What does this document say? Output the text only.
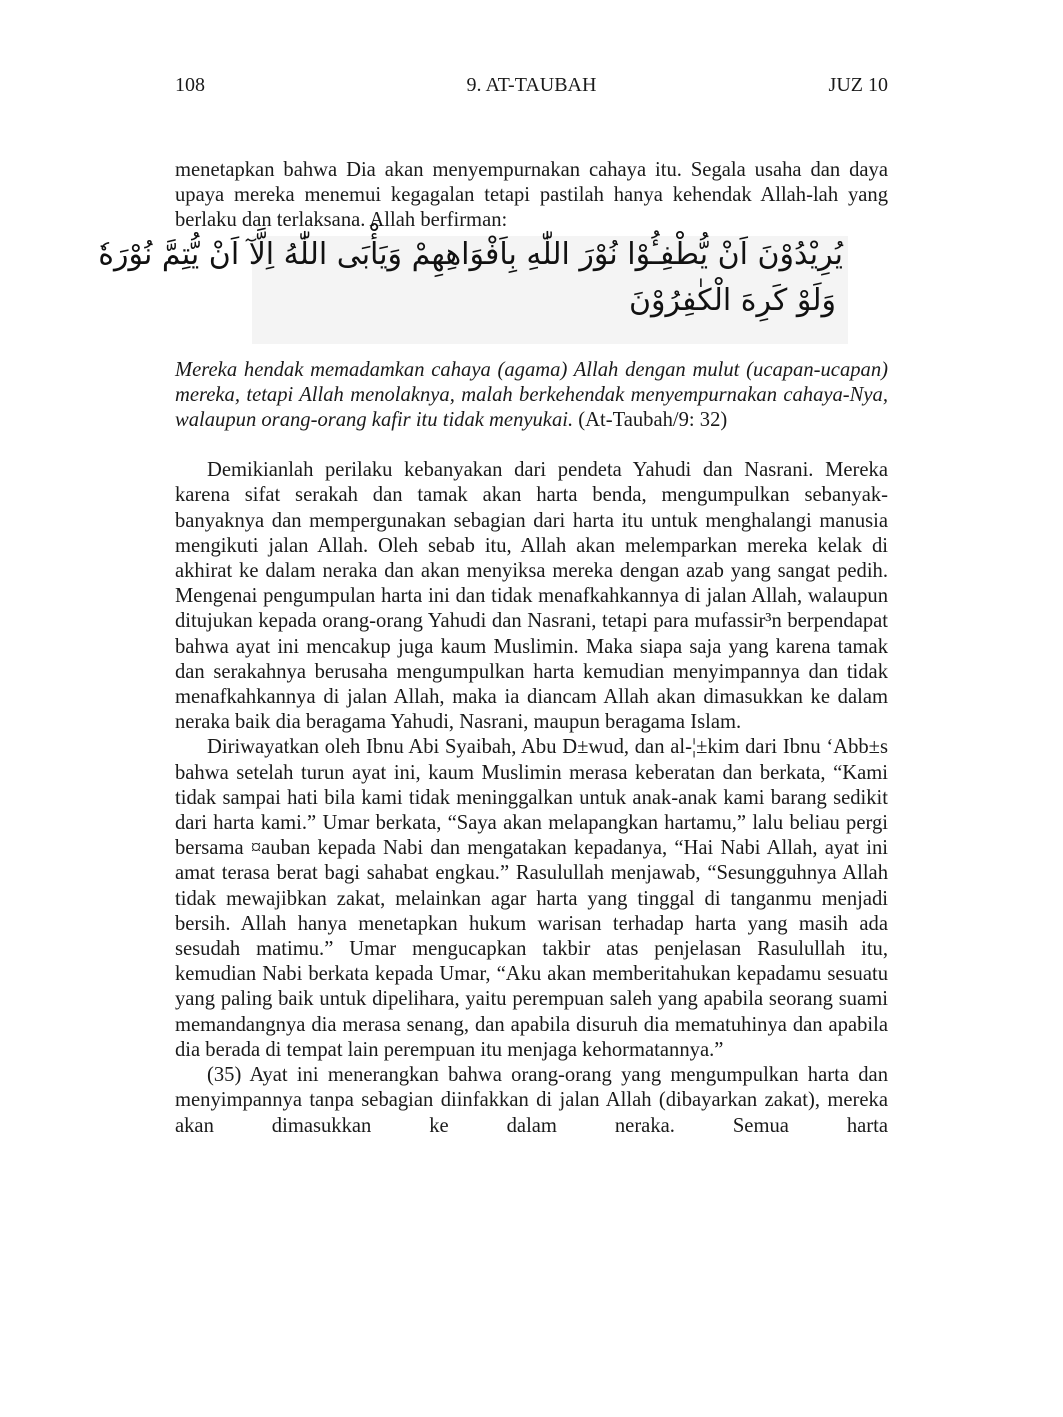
108	9. AT-TAUBAH	JUZ 10

menetapkan bahwa Dia akan menyempurnakan cahaya itu. Segala usaha dan daya upaya mereka menemui kegagalan tetapi pastilah hanya kehendak Allah-lah yang berlaku dan terlaksana. Allah berfirman:

يُرِيْدُوْنَ اَنْ يُّطْفِـُٔوْا نُوْرَ اللّٰهِ بِاَفْوَاهِهِمْ وَيَأْبَى اللّٰهُ اِلَّآ اَنْ يُّتِمَّ نُوْرَهٗ
وَلَوْ كَرِهَ الْكٰفِرُوْنَ

Mereka hendak memadamkan cahaya (agama) Allah dengan mulut (ucapan-ucapan) mereka, tetapi Allah menolaknya, malah berkehendak menyempurnakan cahaya-Nya, walaupun orang-orang kafir itu tidak menyukai. (At-Taubah/9: 32)

Demikianlah perilaku kebanyakan dari pendeta Yahudi dan Nasrani. Mereka karena sifat serakah dan tamak akan harta benda, mengumpulkan sebanyak-banyaknya dan mempergunakan sebagian dari harta itu untuk menghalangi manusia mengikuti jalan Allah. Oleh sebab itu, Allah akan melemparkan mereka kelak di akhirat ke dalam neraka dan akan menyiksa mereka dengan azab yang sangat pedih. Mengenai pengumpulan harta ini dan tidak menafkahkannya di jalan Allah, walaupun ditujukan kepada orang-orang Yahudi dan Nasrani, tetapi para mufassir³n berpendapat bahwa ayat ini mencakup juga kaum Muslimin. Maka siapa saja yang karena tamak dan serakahnya berusaha mengumpulkan harta kemudian menyimpannya dan tidak menafkahkannya di jalan Allah, maka ia diancam Allah akan dimasukkan ke dalam neraka baik dia beragama Yahudi, Nasrani, maupun beragama Islam.

Diriwayatkan oleh Ibnu Abi Syaibah, Abu D±wud, dan al-¦±kim dari Ibnu ‘Abb±s bahwa setelah turun ayat ini, kaum Muslimin merasa keberatan dan berkata, “Kami tidak sampai hati bila kami tidak meninggalkan untuk anak-anak kami barang sedikit dari harta kami.” Umar berkata, “Saya akan melapangkan hartamu,” lalu beliau pergi bersama ¤auban kepada Nabi dan mengatakan kepadanya, “Hai Nabi Allah, ayat ini amat terasa berat bagi sahabat engkau.” Rasulullah menjawab, “Sesungguhnya Allah tidak mewajibkan zakat, melainkan agar harta yang tinggal di tanganmu menjadi bersih. Allah hanya menetapkan hukum warisan terhadap harta yang masih ada sesudah matimu.” Umar mengucapkan takbir atas penjelasan Rasulullah itu, kemudian Nabi berkata kepada Umar, “Aku akan memberitahukan kepadamu sesuatu yang paling baik untuk dipelihara, yaitu perempuan saleh yang apabila seorang suami memandangnya dia merasa senang, dan apabila disuruh dia mematuhinya dan apabila dia berada di tempat lain perempuan itu menjaga kehormatannya.”

(35) Ayat ini menerangkan bahwa orang-orang yang mengumpulkan harta dan menyimpannya tanpa sebagian diinfakkan di jalan Allah (dibayarkan zakat), mereka akan dimasukkan ke dalam neraka. Semua harta
